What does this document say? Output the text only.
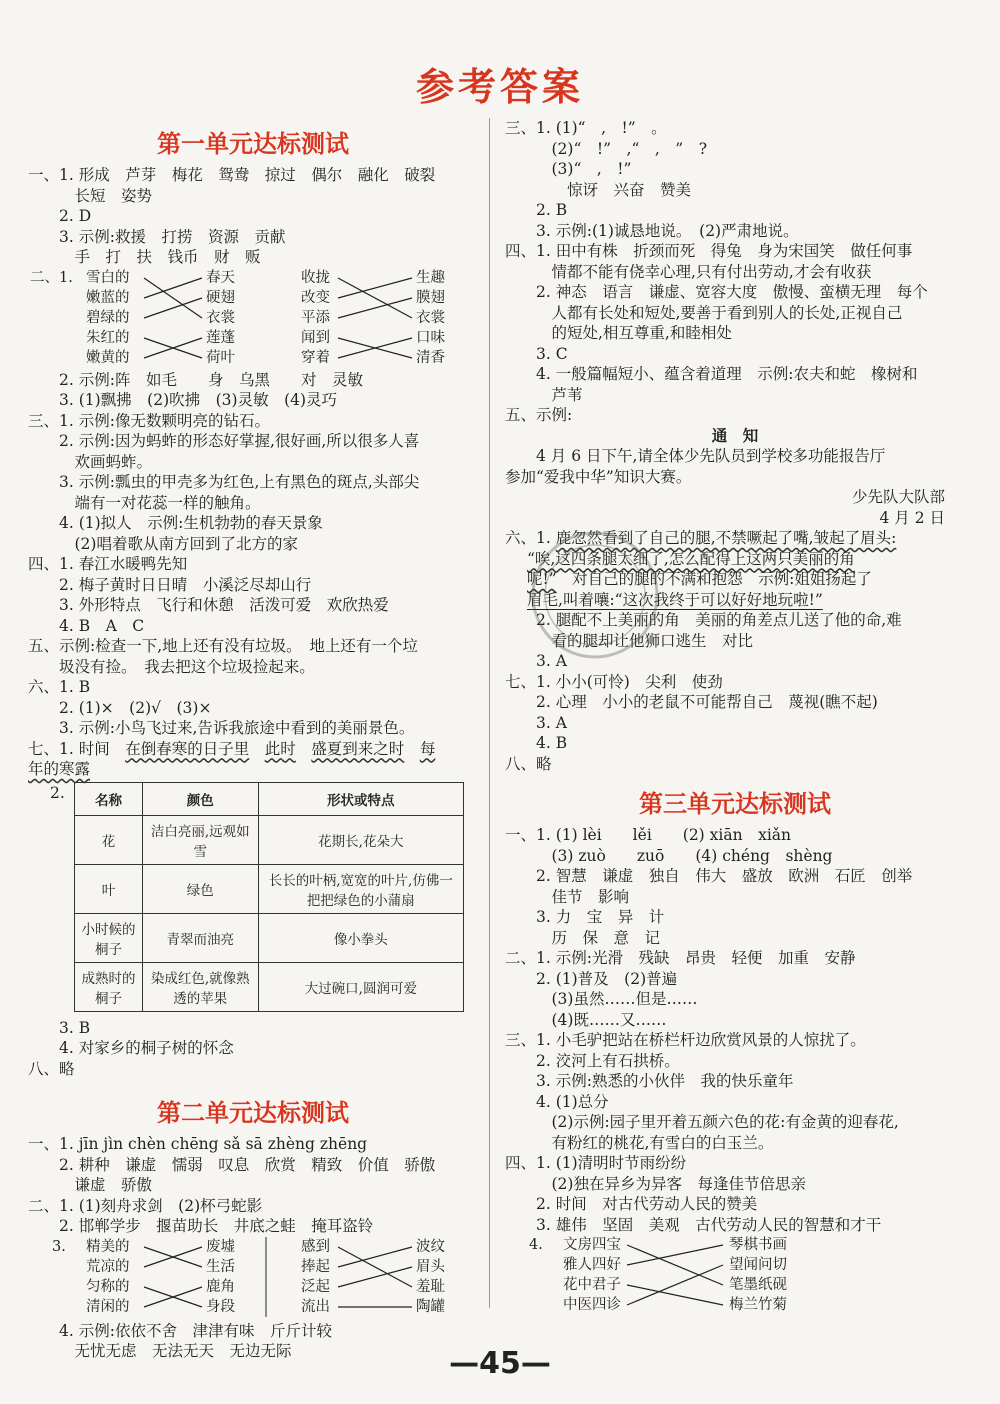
参考答案
第一单元达标测试
一、1. 形成　芦芽　梅花　鸳鸯　掠过　偶尔　融化　破裂
　　　长短　姿势
　　2. D
　　3. 示例:救援　打捞　资源　贡献
　　　手　打　扶　钱币　财　贩
二、1. 雪白的
嫩蓝的
碧绿的
朱红的
嫩黄的
春天
硬翅
衣裳
莲蓬
荷叶
收拢
改变
平添
闻到
穿着
生趣
膜翅
衣裳
口味
清香
　　2. 示例:阵　如毛　　身　乌黑　　对　灵敏
　　3. (1)飘拂　(2)吹拂　(3)灵敏　(4)灵巧
三、1. 示例:像无数颗明亮的钻石。
　　2. 示例:因为蚂蚱的形态好掌握,很好画,所以很多人喜
　　　欢画蚂蚱。
　　3. 示例:瓢虫的甲壳多为红色,上有黑色的斑点,头部尖
　　　端有一对花蕊一样的触角。
　　4. (1)拟人　示例:生机勃勃的春天景象
　　　(2)唱着歌从南方回到了北方的家
四、1. 春江水暖鸭先知
　　2. 梅子黄时日日晴　小溪泛尽却山行
　　3. 外形特点　飞行和休憩　活泼可爱　欢欣热爱
　　4. B　A　C
五、示例:检查一下,地上还有没有垃圾。　地上还有一个垃
　　圾没有捡。　我去把这个垃圾捡起来。
六、1. B
　　2. (1)×　(2)√　(3)×
　　3. 示例:小鸟飞过来,告诉我旅途中看到的美丽景色。
七、1. 时间　在倒春寒的日子里　 此时　 盛夏到来之时　 每
年的寒露
2. 名称	颜色	形状或特点
花	洁白亮丽,远观如雪	花期长,花朵大
叶	绿色	长长的叶柄,宽宽的叶片,仿佛一把把绿色的小蒲扇
小时候的桐子	青翠而油亮	像小拳头
成熟时的桐子	染成红色,就像熟透的苹果	大过碗口,圆润可爱
　　3. B
　　4. 对家乡的桐子树的怀念
八、略
第二单元达标测试
一、1. jīn jìn chèn chēng sǎ sā zhèng zhēng
　　2. 耕种　谦虚　懦弱　叹息　欣赏　精致　价值　骄傲
　　　谦虚　骄傲
二、1. (1)刻舟求剑　(2)杯弓蛇影
　　2. 邯郸学步　揠苗助长　井底之蛙　掩耳盗铃
3. 精美的
荒凉的
匀称的
清闲的
废墟
生活
鹿角
身段
感到
捧起
泛起
流出
波纹
眉头
羞耻
陶罐
　　4. 示例:依依不舍　津津有味　斤斤计较
　　　无忧无虑　无法无天　无边无际
三、1. (1)“　,　!”　。
　　　(2)“　!”　,“　,　”　?
　　　(3)“　,　!”
　　　　惊讶　兴奋　赞美
　　2. B
　　3. 示例:(1)诚恳地说。　(2)严肃地说。
四、1. 田中有株　折颈而死　得兔　身为宋国笑　做任何事
　　　情都不能有侥幸心理,只有付出劳动,才会有收获
　　2. 神态　语言　谦虚、宽容大度　傲慢、蛮横无理　每个
　　　人都有长处和短处,要善于看到别人的长处,正视自己
　　　的短处,相互尊重,和睦相处
　　3. C
　　4. 一般篇幅短小、蕴含着道理　示例:农夫和蛇　橡树和
　　　芦苇
五、示例:
通　知
　　4 月 6 日下午,请全体少先队员到学校多功能报告厅
参加“爱我中华”知识大赛。
少先队大队部
4 月 2 日
六、1. 鹿忽然看到了自己的腿,不禁噘起了嘴,皱起了眉头:
“唉,这四条腿太细了,怎么配得上这两只美丽的角
呢!”　对自己的腿的不满和抱怨　示例:姐姐扬起了
眉毛,叫着嚷:“这次我终于可以好好地玩啦!”
　　2. 腿配不上美丽的角　美丽的角差点儿送了他的命,难
　　　看的腿却让他狮口逃生　对比
　　3. A
七、1. 小小(可怜)　尖利　使劲
　　2. 心理　小小的老鼠不可能帮自己　蔑视(瞧不起)
　　3. A
　　4. B
八、略
第三单元达标测试
一、1. (1) lèi　　lěi　　(2) xiān　xiǎn
　　　(3) zuò　　zuō　　(4) chéng　shèng
　　2. 智慧　谦虚　独自　伟大　盛放　欧洲　石匠　创举
　　　佳节　影响
　　3. 力　宝　异　计
　　　历　保　意　记
二、1. 示例:光滑　残缺　昂贵　轻便　加重　安静
　　2. (1)普及　(2)普遍
　　　(3)虽然……但是……
　　　(4)既……又……
三、1. 小毛驴把站在桥栏杆边欣赏风景的人惊扰了。
　　2. 洨河上有石拱桥。
　　3. 示例:熟悉的小伙伴　我的快乐童年
　　4. (1)总分
　　　(2)示例:园子里开着五颜六色的花:有金黄的迎春花,
　　　有粉红的桃花,有雪白的白玉兰。
四、1. (1)清明时节雨纷纷
　　　(2)独在异乡为异客　每逢佳节倍思亲
　　2. 时间　对古代劳动人民的赞美
　　3. 雄伟　坚固　美观　古代劳动人民的智慧和才干
4. 文房四宝
雅人四好
花中君子
中医四诊
琴棋书画
望闻问切
笔墨纸砚
梅兰竹菊
—45—
